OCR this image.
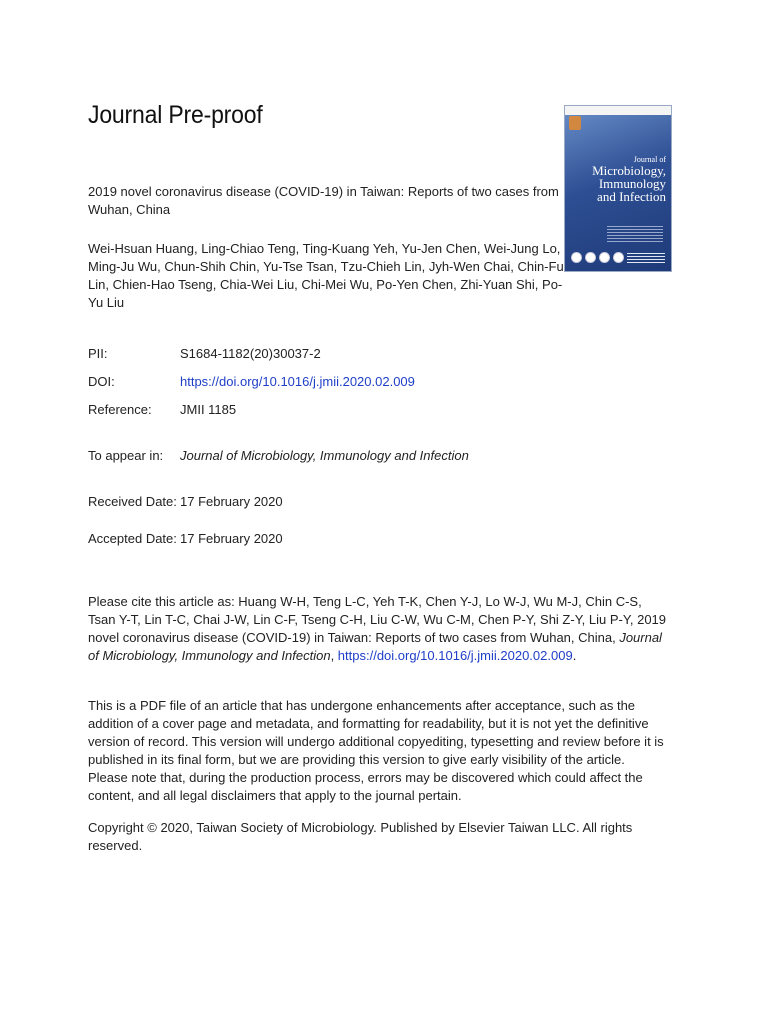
Journal Pre-proof
Journal of
Microbiology,
Immunology
and Infection
2019 novel coronavirus disease (COVID-19) in Taiwan: Reports of two cases from Wuhan, China
Wei-Hsuan Huang, Ling-Chiao Teng, Ting-Kuang Yeh, Yu-Jen Chen, Wei-Jung Lo, Ming-Ju Wu, Chun-Shih Chin, Yu-Tse Tsan, Tzu-Chieh Lin, Jyh-Wen Chai, Chin-Fu Lin, Chien-Hao Tseng, Chia-Wei Liu, Chi-Mei Wu, Po-Yen Chen, Zhi-Yuan Shi, Po-Yu Liu
PII:	S1684-1182(20)30037-2
DOI:	https://doi.org/10.1016/j.jmii.2020.02.009
Reference: JMII 1185
To appear in: Journal of Microbiology, Immunology and Infection
Received Date: 17 February 2020
Accepted Date: 17 February 2020
Please cite this article as: Huang W-H, Teng L-C, Yeh T-K, Chen Y-J, Lo W-J, Wu M-J, Chin C-S, Tsan Y-T, Lin T-C, Chai J-W, Lin C-F, Tseng C-H, Liu C-W, Wu C-M, Chen P-Y, Shi Z-Y, Liu P-Y, 2019 novel coronavirus disease (COVID-19) in Taiwan: Reports of two cases from Wuhan, China, Journal of Microbiology, Immunology and Infection, https://doi.org/10.1016/j.jmii.2020.02.009.
This is a PDF file of an article that has undergone enhancements after acceptance, such as the addition of a cover page and metadata, and formatting for readability, but it is not yet the definitive version of record. This version will undergo additional copyediting, typesetting and review before it is published in its final form, but we are providing this version to give early visibility of the article. Please note that, during the production process, errors may be discovered which could affect the content, and all legal disclaimers that apply to the journal pertain.
Copyright © 2020, Taiwan Society of Microbiology. Published by Elsevier Taiwan LLC. All rights reserved.
